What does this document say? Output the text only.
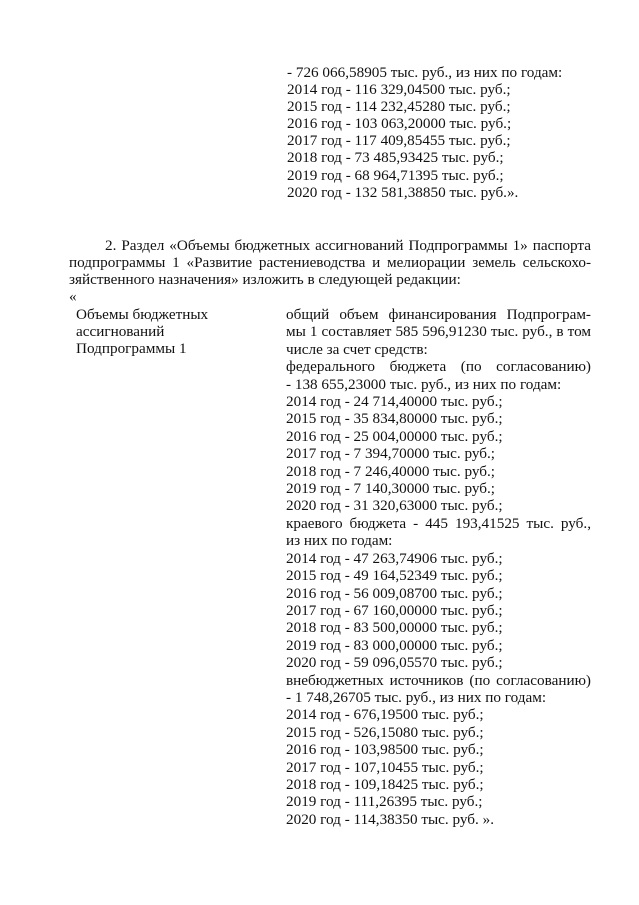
- 726 066,58905 тыс. руб., из них по годам:
2014 год - 116 329,04500 тыс. руб.;
2015 год - 114 232,45280 тыс. руб.;
2016 год - 103 063,20000 тыс. руб.;
2017 год - 117 409,85455 тыс. руб.;
2018 год - 73 485,93425 тыс. руб.;
2019 год - 68 964,71395 тыс. руб.;
2020 год - 132 581,38850 тыс. руб.».
2. Раздел «Объемы бюджетных ассигнований Подпрограммы 1» паспорта
подпрограммы 1 «Развитие растениеводства и мелиорации земель сельскохо-
зяйственного назначения» изложить в следующей редакции:
«
Объемы бюджетных
ассигнований
Подпрограммы 1
общий объем финансирования Подпрограм-
мы 1 составляет 585 596,91230 тыс. руб., в том
числе за счет средств:
федерального бюджета (по согласованию)
- 138 655,23000 тыс. руб., из них по годам:
2014 год - 24 714,40000 тыс. руб.;
2015 год - 35 834,80000 тыс. руб.;
2016 год - 25 004,00000 тыс. руб.;
2017 год - 7 394,70000 тыс. руб.;
2018 год - 7 246,40000 тыс. руб.;
2019 год - 7 140,30000 тыс. руб.;
2020 год - 31 320,63000 тыс. руб.;
краевого бюджета - 445 193,41525 тыс. руб.,
из них по годам:
2014 год - 47 263,74906 тыс. руб.;
2015 год - 49 164,52349 тыс. руб.;
2016 год - 56 009,08700 тыс. руб.;
2017 год - 67 160,00000 тыс. руб.;
2018 год - 83 500,00000 тыс. руб.;
2019 год - 83 000,00000 тыс. руб.;
2020 год - 59 096,05570 тыс. руб.;
внебюджетных источников (по согласованию)
- 1 748,26705 тыс. руб., из них по годам:
2014 год - 676,19500 тыс. руб.;
2015 год - 526,15080 тыс. руб.;
2016 год - 103,98500 тыс. руб.;
2017 год - 107,10455 тыс. руб.;
2018 год - 109,18425 тыс. руб.;
2019 год - 111,26395 тыс. руб.;
2020 год - 114,38350 тыс. руб. ».
